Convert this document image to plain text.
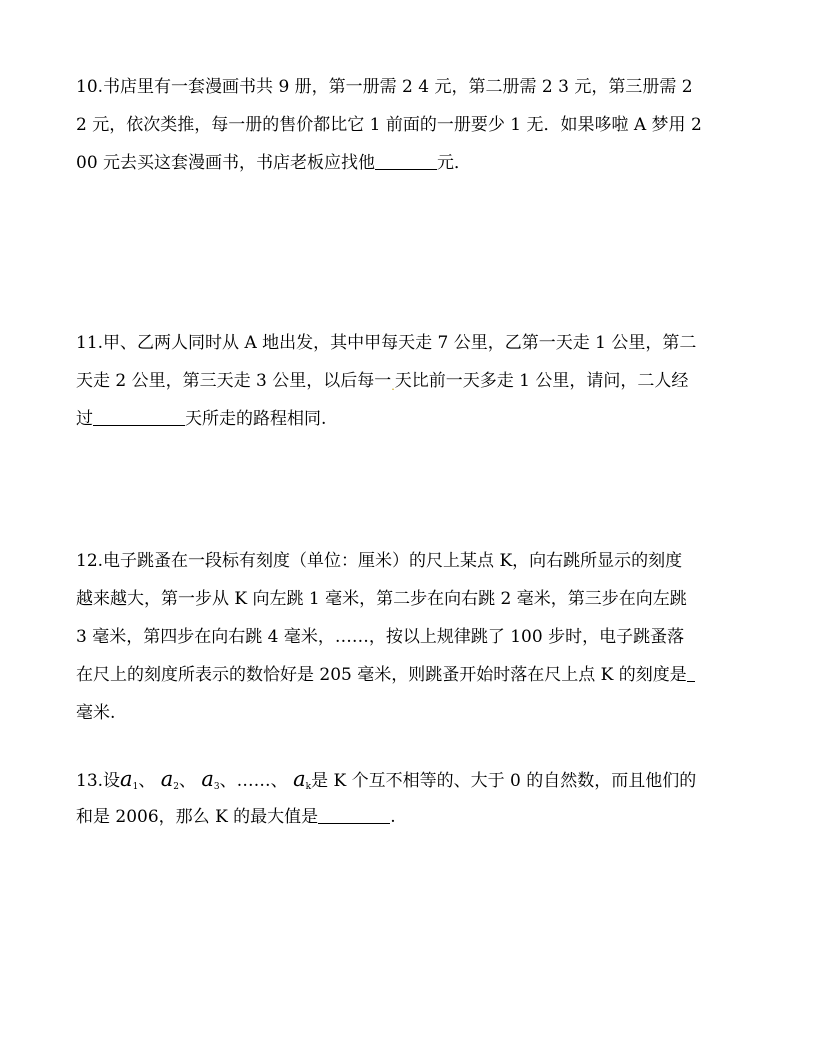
10.书店里有一套漫画书共 9 册，第一册需 2 4 元，第二册需 2 3 元，第三册需 2
2 元，依次类推，每一册的售价都比它 1 前面的一册要少 1 无．如果哆啦 A 梦用 2
00 元去买这套漫画书，书店老板应找他	元．
11.甲、乙两人同时从 A 地出发，其中甲每天走 7 公里，乙第一天走 1 公里，第二
天走 2 公里，第三天走 3 公里，以后每一$_.$天比前一天多走 1 公里，请问，二人经
过	天所走的路程相同.
12.电子跳蚤在一段标有刻度（单位：厘米）的尺上某点 K，向右跳所显示的刻度
越来越大，第一步从 K 向左跳 1 毫米，第二步在向右跳 2 毫米，第三步在向左跳
3 毫米，第四步在向右跳 4 毫米，……，按以上规律跳了 100 步时，电子跳蚤落
在尺上的刻度所表示的数恰好是 205 毫米，则跳蚤开始时落在尺上点 K 的刻度是
毫米.
13.设$a_1$、 $a_2$、 $a_3$、……、 $a_k$是 K 个互不相等的、大于 0 的自然数，而且他们的
和是 2006，那么 K 的最大值是	.
